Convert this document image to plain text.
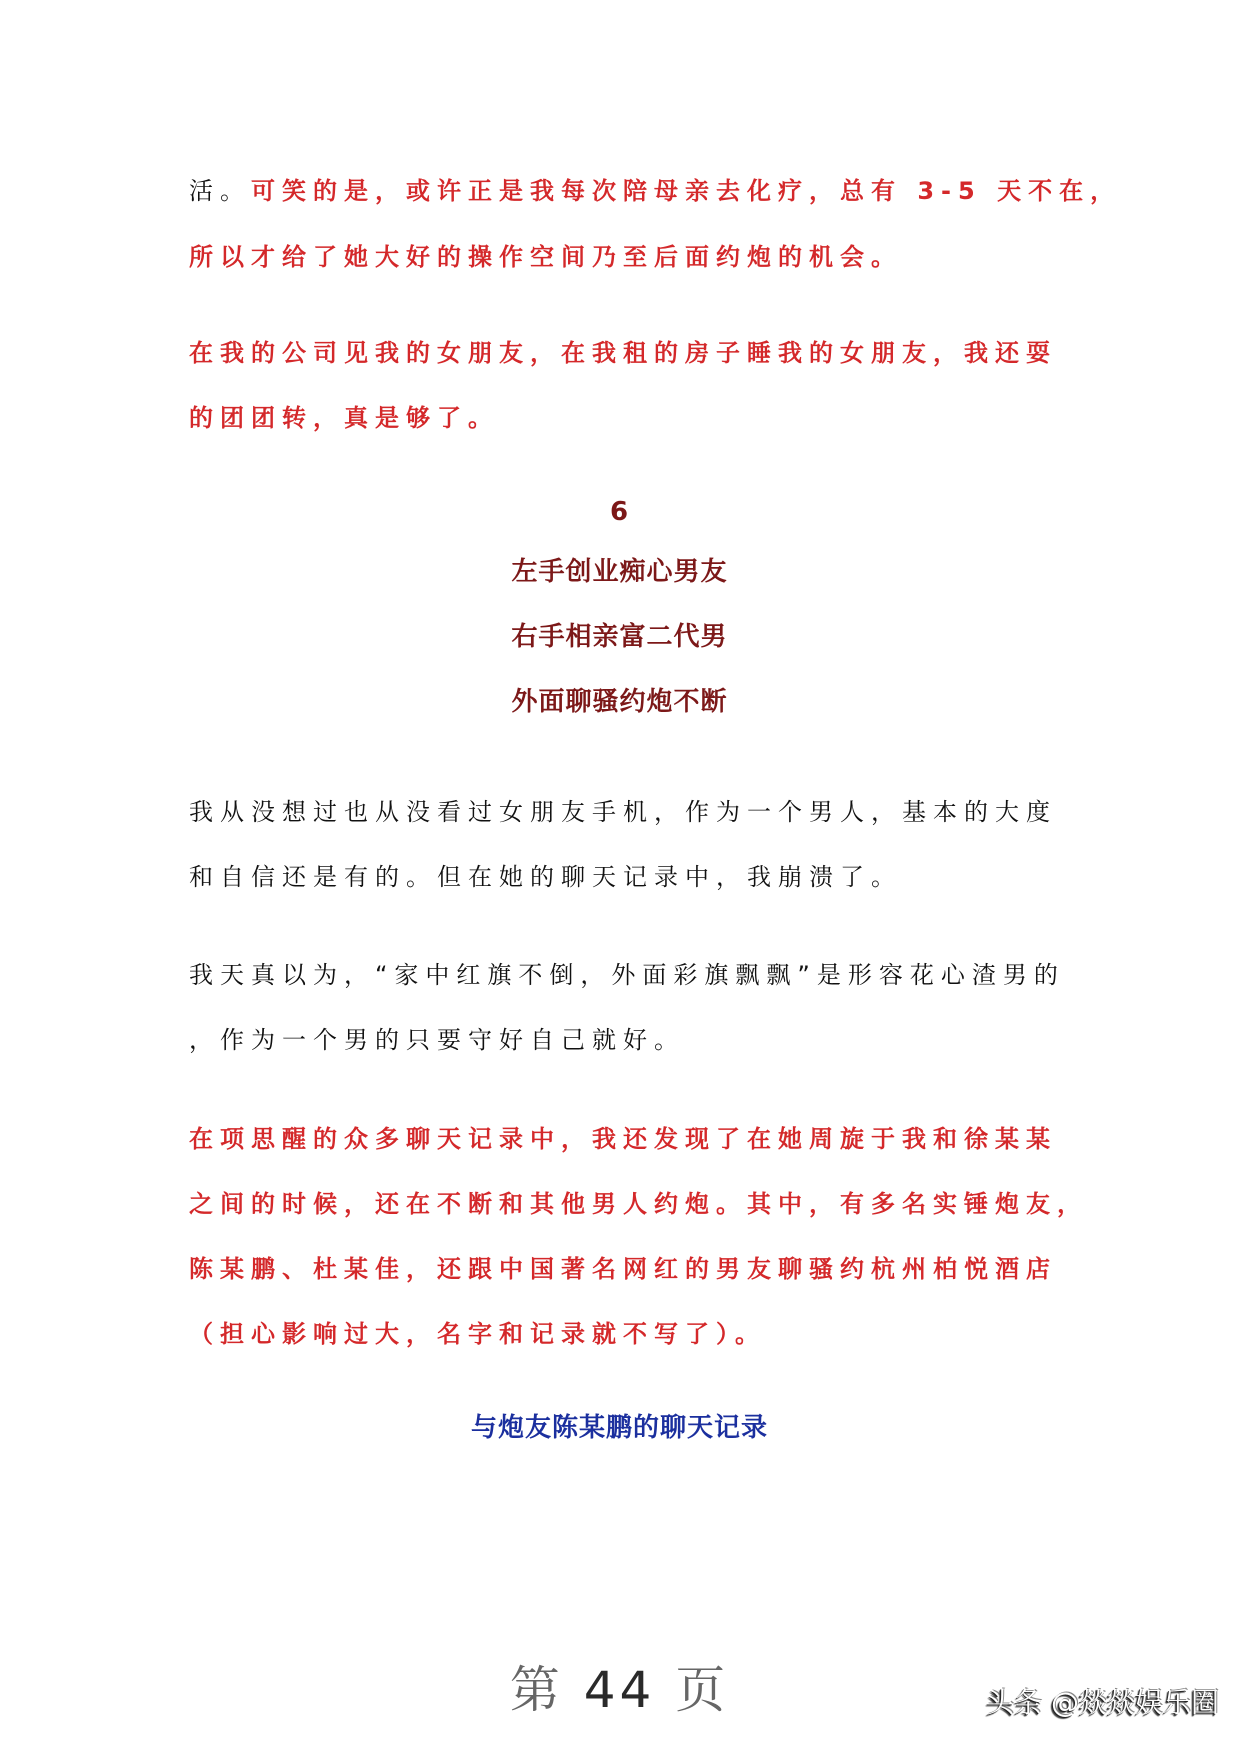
活。可笑的是，或许正是我每次陪母亲去化疗，总有 3-5 天不在，
所以才给了她大好的操作空间乃至后面约炮的机会。
在我的公司见我的女朋友，在我租的房子睡我的女朋友，我还耍
的团团转，真是够了。
6
左手创业痴心男友
右手相亲富二代男
外面聊骚约炮不断
我从没想过也从没看过女朋友手机，作为一个男人，基本的大度
和自信还是有的。但在她的聊天记录中，我崩溃了。
我天真以为，“家中红旗不倒，外面彩旗飘飘”是形容花心渣男的
，作为一个男的只要守好自己就好。
在项思醒的众多聊天记录中，我还发现了在她周旋于我和徐某某
之间的时候，还在不断和其他男人约炮。其中，有多名实锤炮友，
陈某鹏、杜某佳，还跟中国著名网红的男友聊骚约杭州柏悦酒店
（担心影响过大，名字和记录就不写了）。
与炮友陈某鹏的聊天记录
第 44 页	头条 @燚燚娱乐圈
